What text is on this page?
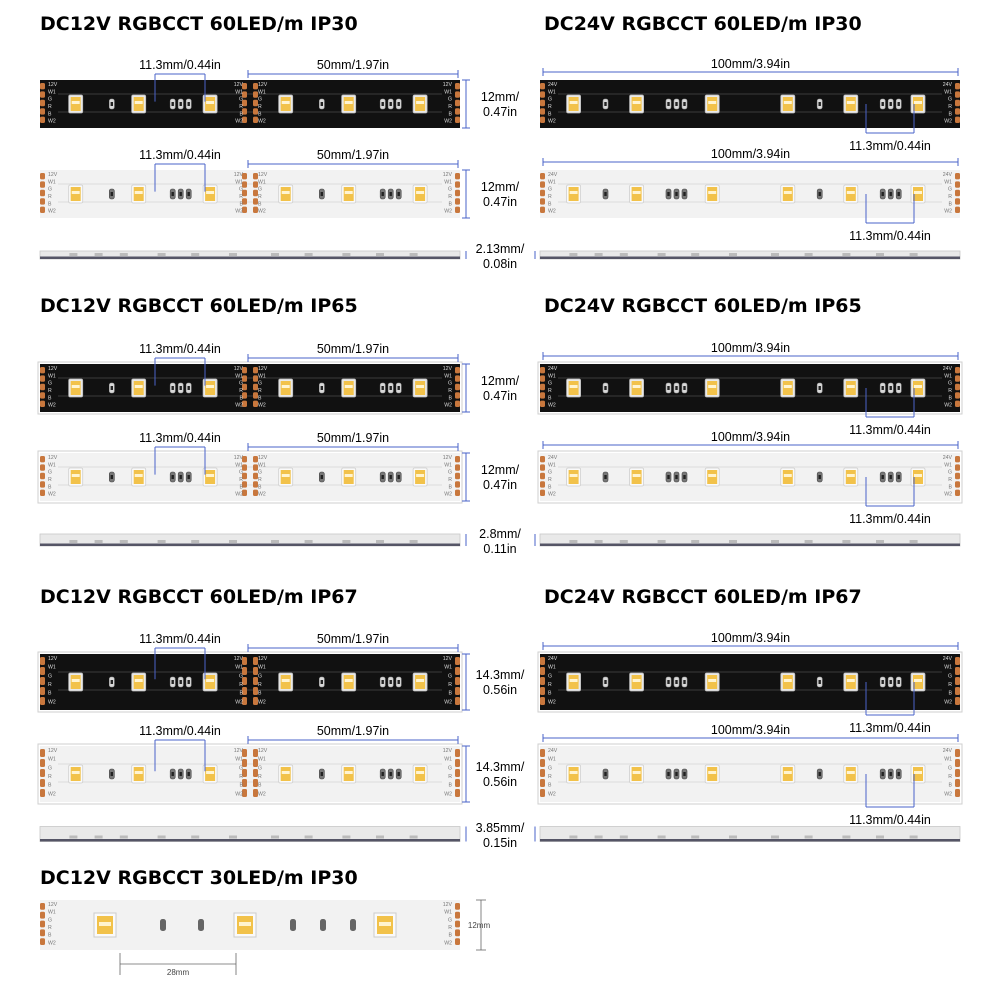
DC12V RGBCCT 60LED/m IP30	DC24V RGBCCT 60LED/m IP30
12V
W1
G
R
B
W2
12V
W1
G
R
B
W2
12V
W1
G
R
B
W2
12V
W1
G
R
B
W2
12V
W1
G
R
B
W2
12V
W1
G
R
B
W2
12V
W1
G
R
B
W2
12V
W1
G
R
B
W2
24V
W1
G
R
B
W2
24V
W1
G
R
B
W2
24V
W1
G
R
B
W2
24V
W1
G
R
B
W2
11.3mm/0.44in	50mm/1.97in
11.3mm/0.44in	50mm/1.97in
100mm/3.94in
11.3mm/0.44in
100mm/3.94in
11.3mm/0.44in
12mm/
0.47in
12mm/
0.47in
2.13mm/
0.08in
DC12V RGBCCT 60LED/m IP65	DC24V RGBCCT 60LED/m IP65
12V
W1
G
R
B
W2
12V
W1
G
R
B
W2
12V
W1
G
R
B
W2
12V
W1
G
R
B
W2
12V
W1
G
R
B
W2
12V
W1
G
R
B
W2
12V
W1
G
R
B
W2
12V
W1
G
R
B
W2
24V
W1
G
R
B
W2
24V
W1
G
R
B
W2
24V
W1
G
R
B
W2
24V
W1
G
R
B
W2
11.3mm/0.44in	50mm/1.97in
11.3mm/0.44in	50mm/1.97in
100mm/3.94in
11.3mm/0.44in
100mm/3.94in
11.3mm/0.44in
12mm/
0.47in
12mm/
0.47in
2.8mm/
0.11in
DC12V RGBCCT 60LED/m IP67	DC24V RGBCCT 60LED/m IP67
12V
W1
G
R
B
W2
12V
W1
G
R
B
W2
12V
W1
G
R
B
W2
12V
W1
G
R
B
W2
12V
W1
G
R
B
W2
12V
W1
G
R
B
W2
12V
W1
G
R
B
W2
12V
W1
G
R
B
W2
24V
W1
G
R
B
W2
24V
W1
G
R
B
W2
24V
W1
G
R
B
W2
24V
W1
G
R
B
W2
11.3mm/0.44in	50mm/1.97in
11.3mm/0.44in	50mm/1.97in
100mm/3.94in
11.3mm/0.44in
100mm/3.94in
11.3mm/0.44in
14.3mm/
0.56in
14.3mm/
0.56in
3.85mm/
0.15in
DC12V RGBCCT 30LED/m IP30
12V
W1
G
R
B
W2
12V
W1
G
R
B
W2
12mm
28mm
